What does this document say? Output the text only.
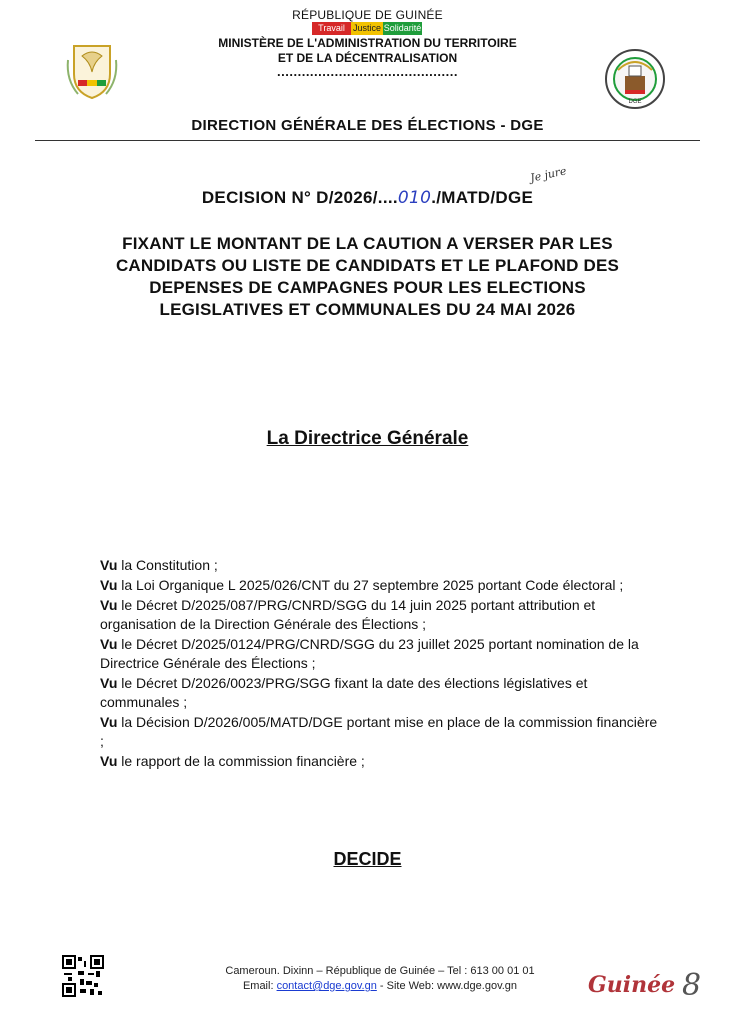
RÉPUBLIQUE DE GUINÉE
Travail Justice Solidarité
MINISTÈRE DE L'ADMINISTRATION DU TERRITOIRE
ET DE LA DÉCENTRALISATION
............................................
DIRECTION GÉNÉRALE DES ÉLECTIONS - DGE
DGE
DECISION N° D/2026/....010./MATD/DGE
Je jure
FIXANT LE MONTANT DE LA CAUTION A VERSER PAR LES
CANDIDATS OU LISTE DE CANDIDATS ET LE PLAFOND DES
DEPENSES DE CAMPAGNES POUR LES ELECTIONS
LEGISLATIVES ET COMMUNALES DU 24 MAI 2026
La Directrice Générale
Vu la Constitution ;
Vu la Loi Organique L 2025/026/CNT du 27 septembre 2025 portant Code électoral ;
Vu le Décret D/2025/087/PRG/CNRD/SGG du 14 juin 2025 portant attribution et organisation de la Direction Générale des Élections ;
Vu le Décret D/2025/0124/PRG/CNRD/SGG du 23 juillet 2025 portant nomination de la Directrice Générale des Élections ;
Vu le Décret D/2026/0023/PRG/SGG fixant la date des élections législatives et communales ;
Vu la Décision D/2026/005/MATD/DGE portant mise en place de la commission financière ;
Vu le rapport de la commission financière ;
DECIDE
Cameroun. Dixinn – République de Guinée – Tel : 613 00 01 01
Email: contact@dge.gov.gn - Site Web: www.dge.gov.gn	Guinée 8
